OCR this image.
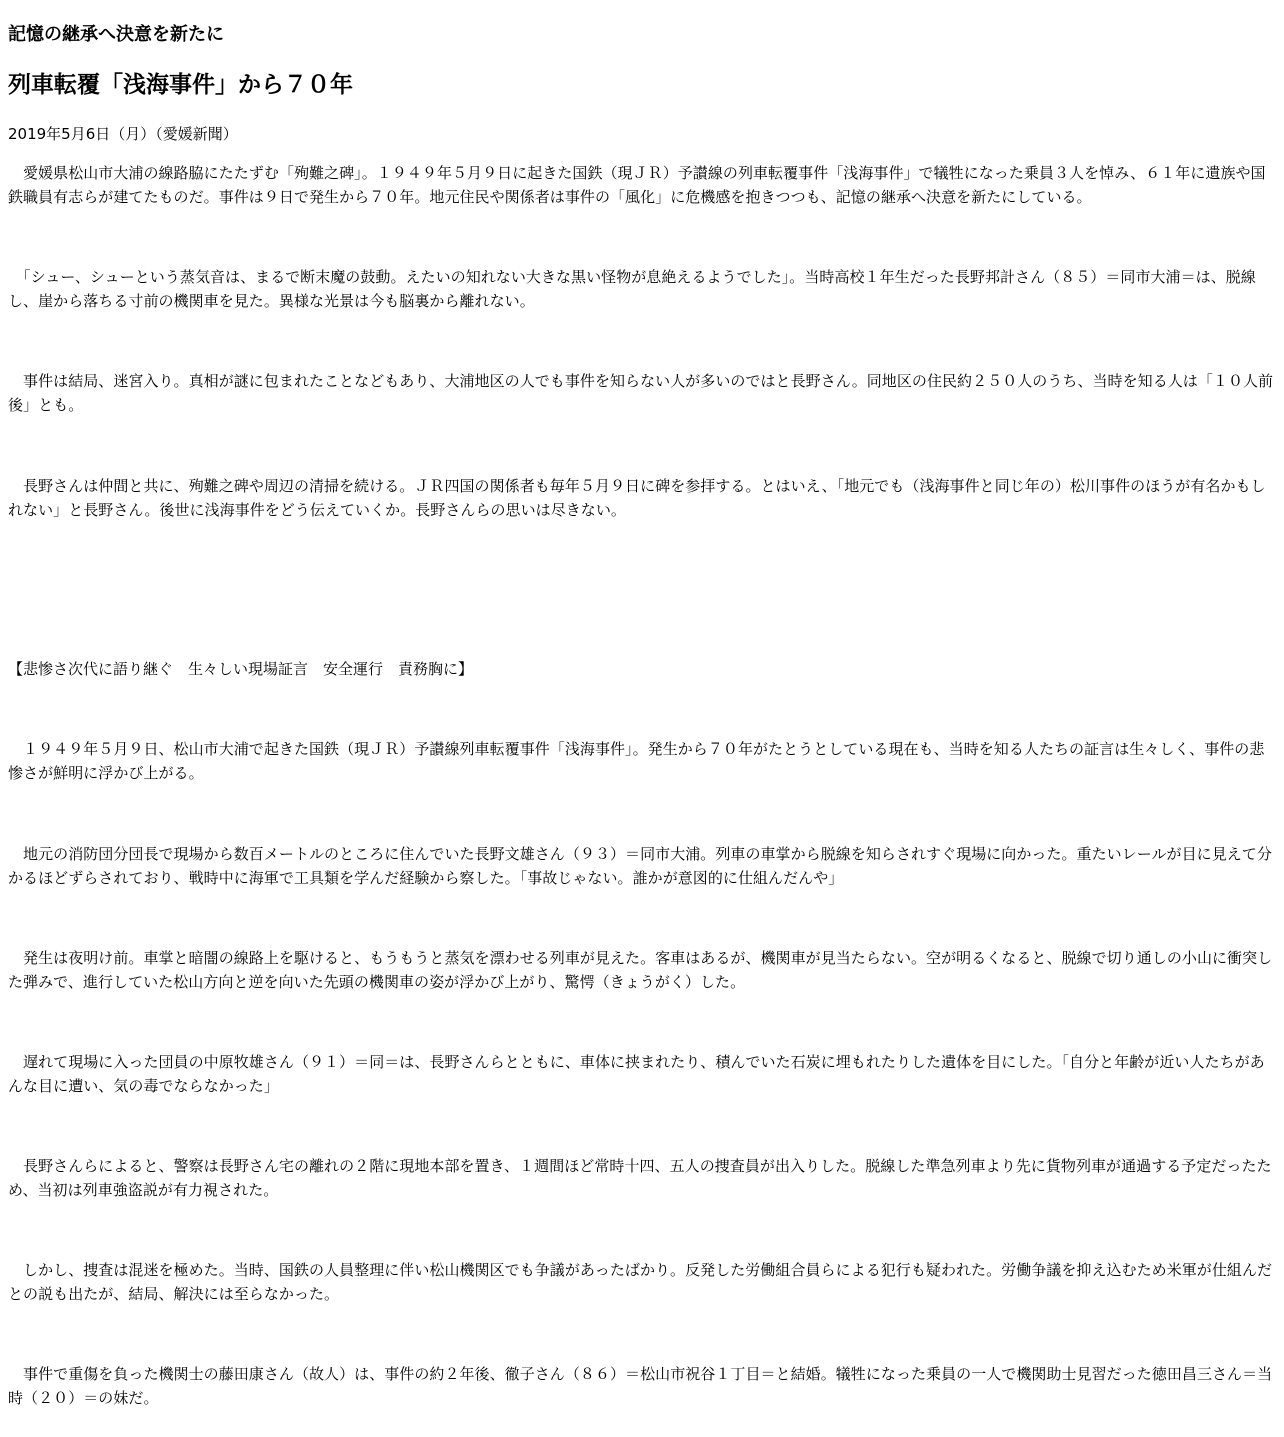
記憶の継承へ決意を新たに
列車転覆「浅海事件」から７０年

2019年5月6日（月）（愛媛新聞）

　愛媛県松山市大浦の線路脇にたたずむ「殉難之碑」。１９４９年５月９日に起きた国鉄（現ＪＲ）予讃線の列車転覆事件「浅海事件」で犠牲になった乗員３人を悼み、６１年に遺族や国鉄職員有志らが建てたものだ。事件は９日で発生から７０年。地元住民や関係者は事件の「風化」に危機感を抱きつつも、記憶の継承へ決意を新たにしている。

　「シュー、シューという蒸気音は、まるで断末魔の鼓動。えたいの知れない大きな黒い怪物が息絶えるようでした」。当時高校１年生だった長野邦計さん（８５）＝同市大浦＝は、脱線し、崖から落ちる寸前の機関車を見た。異様な光景は今も脳裏から離れない。

　事件は結局、迷宮入り。真相が謎に包まれたことなどもあり、大浦地区の人でも事件を知らない人が多いのではと長野さん。同地区の住民約２５０人のうち、当時を知る人は「１０人前後」とも。

　長野さんは仲間と共に、殉難之碑や周辺の清掃を続ける。ＪＲ四国の関係者も毎年５月９日に碑を参拝する。とはいえ、「地元でも（浅海事件と同じ年の）松川事件のほうが有名かもしれない」と長野さん。後世に浅海事件をどう伝えていくか。長野さんらの思いは尽きない。

【悲惨さ次代に語り継ぐ　生々しい現場証言　安全運行　責務胸に】

　１９４９年５月９日、松山市大浦で起きた国鉄（現ＪＲ）予讃線列車転覆事件「浅海事件」。発生から７０年がたとうとしている現在も、当時を知る人たちの証言は生々しく、事件の悲惨さが鮮明に浮かび上がる。

　地元の消防団分団長で現場から数百メートルのところに住んでいた長野文雄さん（９３）＝同市大浦。列車の車掌から脱線を知らされすぐ現場に向かった。重たいレールが目に見えて分かるほどずらされており、戦時中に海軍で工具類を学んだ経験から察した。「事故じゃない。誰かが意図的に仕組んだんや」

　発生は夜明け前。車掌と暗闇の線路上を駆けると、もうもうと蒸気を漂わせる列車が見えた。客車はあるが、機関車が見当たらない。空が明るくなると、脱線で切り通しの小山に衝突した弾みで、進行していた松山方向と逆を向いた先頭の機関車の姿が浮かび上がり、驚愕（きょうがく）した。

　遅れて現場に入った団員の中原牧雄さん（９１）＝同＝は、長野さんらとともに、車体に挟まれたり、積んでいた石炭に埋もれたりした遺体を目にした。「自分と年齢が近い人たちがあんな目に遭い、気の毒でならなかった」

　長野さんらによると、警察は長野さん宅の離れの２階に現地本部を置き、１週間ほど常時十四、五人の捜査員が出入りした。脱線した準急列車より先に貨物列車が通過する予定だったため、当初は列車強盗説が有力視された。

　しかし、捜査は混迷を極めた。当時、国鉄の人員整理に伴い松山機関区でも争議があったばかり。反発した労働組合員らによる犯行も疑われた。労働争議を抑え込むため米軍が仕組んだとの説も出たが、結局、解決には至らなかった。

　事件で重傷を負った機関士の藤田康さん（故人）は、事件の約２年後、徹子さん（８６）＝松山市祝谷１丁目＝と結婚。犠牲になった乗員の一人で機関助士見習だった徳田昌三さん＝当時（２０）＝の妹だ。
